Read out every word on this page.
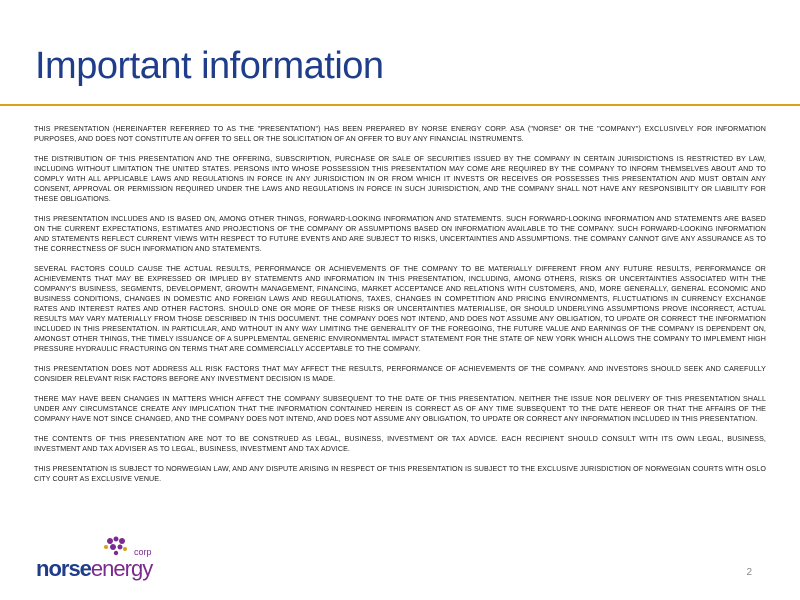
Important information

THIS PRESENTATION (HEREINAFTER REFERRED TO AS THE "PRESENTATION") HAS BEEN PREPARED BY NORSE ENERGY CORP. ASA ("NORSE" OR THE "COMPANY") EXCLUSIVELY FOR INFORMATION PURPOSES, AND DOES NOT CONSTITUTE AN OFFER TO SELL OR THE SOLICITATION OF AN OFFER TO BUY ANY FINANCIAL INSTRUMENTS.

THE DISTRIBUTION OF THIS PRESENTATION AND THE OFFERING, SUBSCRIPTION, PURCHASE OR SALE OF SECURITIES ISSUED BY THE COMPANY IN CERTAIN JURISDICTIONS IS RESTRICTED BY LAW, INCLUDING WITHOUT LIMITATION THE UNITED STATES. PERSONS INTO WHOSE POSSESSION THIS PRESENTATION MAY COME ARE REQUIRED BY THE COMPANY TO INFORM THEMSELVES ABOUT AND TO COMPLY WITH ALL APPLICABLE LAWS AND REGULATIONS IN FORCE IN ANY JURISDICTION IN OR FROM WHICH IT INVESTS OR RECEIVES OR POSSESSES THIS PRESENTATION AND MUST OBTAIN ANY CONSENT, APPROVAL OR PERMISSION REQUIRED UNDER THE LAWS AND REGULATIONS IN FORCE IN SUCH JURISDICTION, AND THE COMPANY SHALL NOT HAVE ANY RESPONSIBILITY OR LIABILITY FOR THESE OBLIGATIONS.

THIS PRESENTATION INCLUDES AND IS BASED ON, AMONG OTHER THINGS, FORWARD-LOOKING INFORMATION AND STATEMENTS. SUCH FORWARD-LOOKING INFORMATION AND STATEMENTS ARE BASED ON THE CURRENT EXPECTATIONS, ESTIMATES AND PROJECTIONS OF THE COMPANY OR ASSUMPTIONS BASED ON INFORMATION AVAILABLE TO THE COMPANY. SUCH FORWARD-LOOKING INFORMATION AND STATEMENTS REFLECT CURRENT VIEWS WITH RESPECT TO FUTURE EVENTS AND ARE SUBJECT TO RISKS, UNCERTAINTIES AND ASSUMPTIONS. THE COMPANY CANNOT GIVE ANY ASSURANCE AS TO THE CORRECTNESS OF SUCH INFORMATION AND STATEMENTS.

SEVERAL FACTORS COULD CAUSE THE ACTUAL RESULTS, PERFORMANCE OR ACHIEVEMENTS OF THE COMPANY TO BE MATERIALLY DIFFERENT FROM ANY FUTURE RESULTS, PERFORMANCE OR ACHIEVEMENTS THAT MAY BE EXPRESSED OR IMPLIED BY STATEMENTS AND INFORMATION IN THIS PRESENTATION, INCLUDING, AMONG OTHERS, RISKS OR UNCERTAINTIES ASSOCIATED WITH THE COMPANY'S BUSINESS, SEGMENTS, DEVELOPMENT, GROWTH MANAGEMENT, FINANCING, MARKET ACCEPTANCE AND RELATIONS WITH CUSTOMERS, AND, MORE GENERALLY, GENERAL ECONOMIC AND BUSINESS CONDITIONS, CHANGES IN DOMESTIC AND FOREIGN LAWS AND REGULATIONS, TAXES, CHANGES IN COMPETITION AND PRICING ENVIRONMENTS, FLUCTUATIONS IN CURRENCY EXCHANGE RATES AND INTEREST RATES AND OTHER FACTORS. SHOULD ONE OR MORE OF THESE RISKS OR UNCERTAINTIES MATERIALISE, OR SHOULD UNDERLYING ASSUMPTIONS PROVE INCORRECT, ACTUAL RESULTS MAY VARY MATERIALLY FROM THOSE DESCRIBED IN THIS DOCUMENT. THE COMPANY DOES NOT INTEND, AND DOES NOT ASSUME ANY OBLIGATION, TO UPDATE OR CORRECT THE INFORMATION INCLUDED IN THIS PRESENTATION. IN PARTICULAR, AND WITHOUT IN ANY WAY LIMITING THE GENERALITY OF THE FOREGOING, THE FUTURE VALUE AND EARNINGS OF THE COMPANY IS DEPENDENT ON, AMONGST OTHER THINGS, THE TIMELY ISSUANCE OF A SUPPLEMENTAL GENERIC ENVIRONMENTAL IMPACT STATEMENT FOR THE STATE OF NEW YORK WHICH ALLOWS THE COMPANY TO IMPLEMENT HIGH PRESSURE HYDRAULIC FRACTURING ON TERMS THAT ARE COMMERCIALLY ACCEPTABLE TO THE COMPANY.

THIS PRESENTATION DOES NOT ADDRESS ALL RISK FACTORS THAT MAY AFFECT THE RESULTS, PERFORMANCE OF ACHIEVEMENTS OF THE COMPANY. AND INVESTORS SHOULD SEEK AND CAREFULLY CONSIDER RELEVANT RISK FACTORS BEFORE ANY INVESTMENT DECISION IS MADE.

THERE MAY HAVE BEEN CHANGES IN MATTERS WHICH AFFECT THE COMPANY SUBSEQUENT TO THE DATE OF THIS PRESENTATION. NEITHER THE ISSUE NOR DELIVERY OF THIS PRESENTATION SHALL UNDER ANY CIRCUMSTANCE CREATE ANY IMPLICATION THAT THE INFORMATION CONTAINED HEREIN IS CORRECT AS OF ANY TIME SUBSEQUENT TO THE DATE HEREOF OR THAT THE AFFAIRS OF THE COMPANY HAVE NOT SINCE CHANGED, AND THE COMPANY DOES NOT INTEND, AND DOES NOT ASSUME ANY OBLIGATION, TO UPDATE OR CORRECT ANY INFORMATION INCLUDED IN THIS PRESENTATION.

THE CONTENTS OF THIS PRESENTATION ARE NOT TO BE CONSTRUED AS LEGAL, BUSINESS, INVESTMENT OR TAX ADVICE. EACH RECIPIENT SHOULD CONSULT WITH ITS OWN LEGAL, BUSINESS, INVESTMENT AND TAX ADVISER AS TO LEGAL, BUSINESS, INVESTMENT AND TAX ADVICE.

THIS PRESENTATION IS SUBJECT TO NORWEGIAN LAW, AND ANY DISPUTE ARISING IN RESPECT OF THIS PRESENTATION IS SUBJECT TO THE EXCLUSIVE JURISDICTION OF NORWEGIAN COURTS WITH OSLO CITY COURT AS EXCLUSIVE VENUE.

corp
norseenergy	2
